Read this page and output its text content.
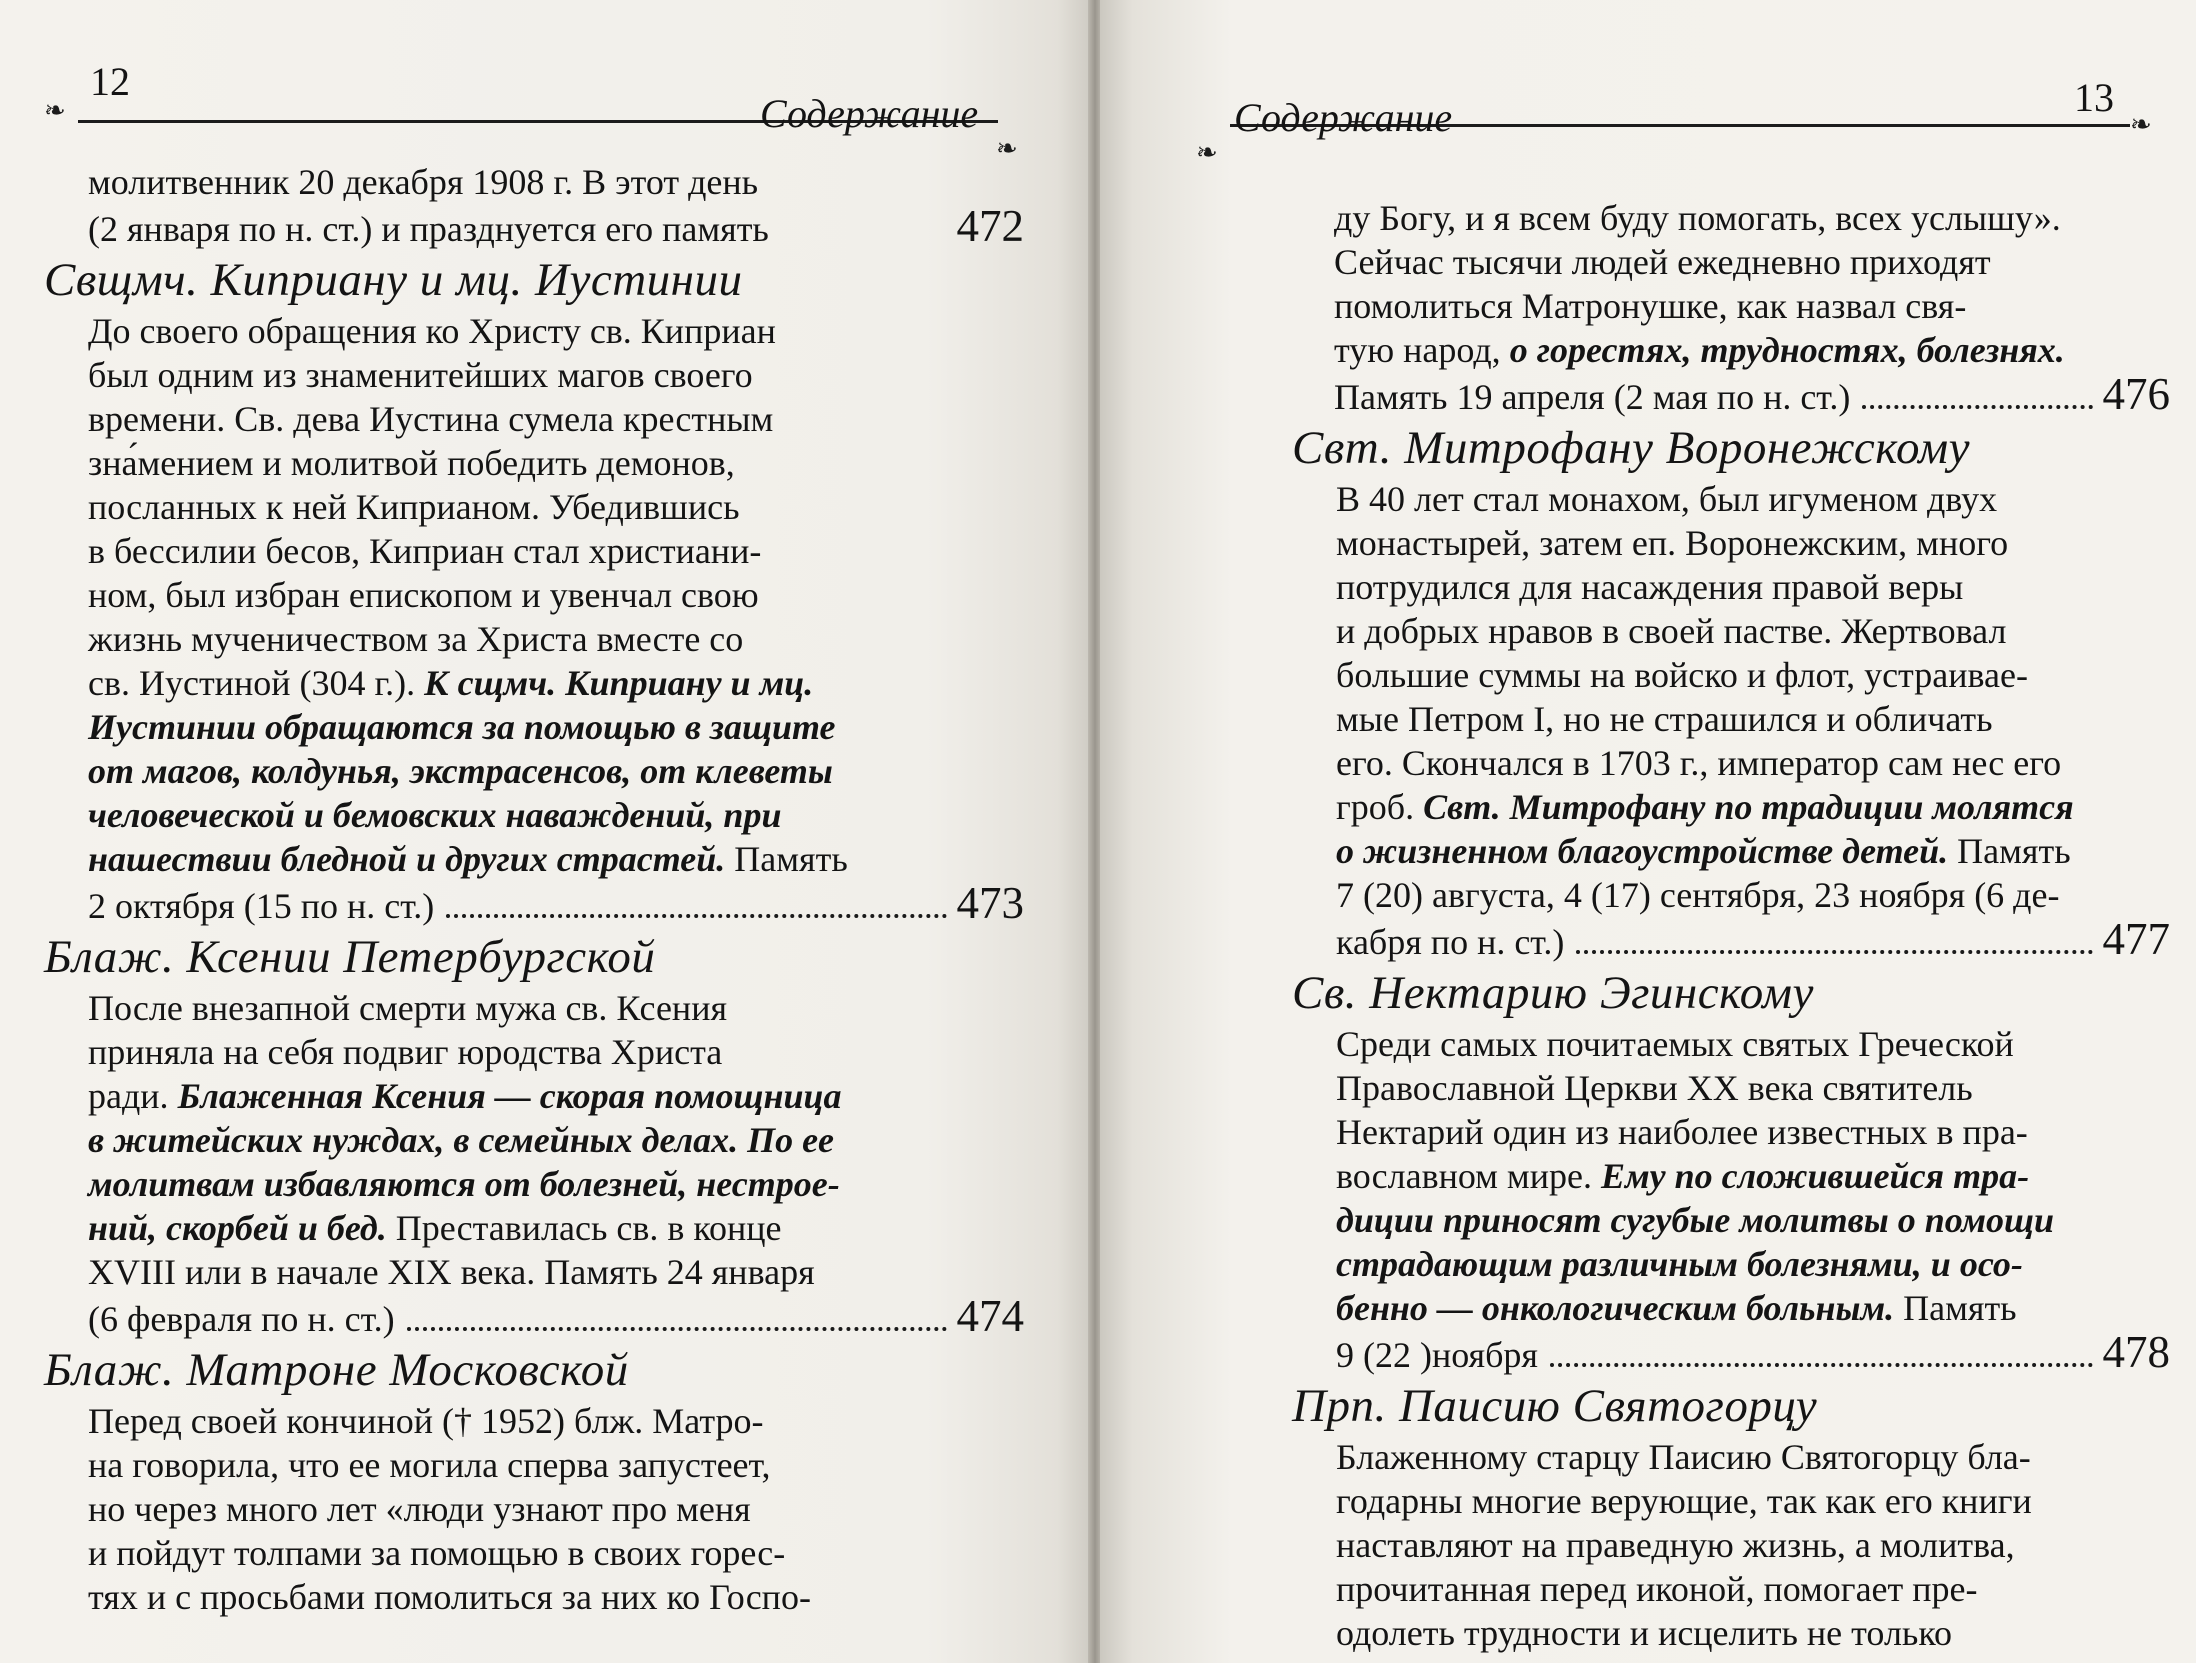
12
❧
❧
Содержание
молитвенник 20 декабря 1908 г. В этот день
(2 января по н. ст.) и празднуется его память	472

Свщмч. Киприану и мц. Иустинии

До своего обращения ко Христу св. Киприан
был одним из знаменитейших магов своего
времени. Св. дева Иустина сумела крестным
зна́мением и молитвой победить демонов,
посланных к ней Киприаном. Убедившись
в бессилии бесов, Киприан стал христиани-
ном, был избран епископом и увенчал свою
жизнь мученичеством за Христа вместе со
св. Иустиной (304 г.). К сщмч. Киприану и мц.
Иустинии обращаются за помощью в защите
от магов, колдунья, экстрасенсов, от клеветы
человеческой и бемовских наваждений, при
нашествии бледной и других страстей. Память
2 октября (15 по н. ст.)	473

Блаж. Ксении Петербургской

После внезапной смерти мужа св. Ксения
приняла на себя подвиг юродства Христа
ради. Блаженная Ксения — скорая помощница
в житейских нуждах, в семейных делах. По ее
молитвам избавляются от болезней, нестрое-
ний, скорбей и бед. Преставилась св. в конце
XVIII или в начале XIX века. Память 24 января
(6 февраля по н. ст.)	474

Блаж. Матроне Московской

Перед своей кончиной († 1952) блж. Матро-
на говорила, что ее могила сперва запустеет,
но через много лет «люди узнают про меня
и пойдут толпами за помощью в своих горес-
тях и с просьбами помолиться за них ко Госпо-
❧
❧
Содержание	13
ду Богу, и я всем буду помогать, всех услышу».
Сейчас тысячи людей ежедневно приходят
помолиться Матронушке, как назвал свя-
тую народ, о горестях, трудностях, болезнях.
Память 19 апреля (2 мая по н. ст.)	476

Свт. Митрофану Воронежскому

В 40 лет стал монахом, был игуменом двух
монастырей, затем еп. Воронежским, много
потрудился для насаждения правой веры
и добрых нравов в своей пастве. Жертвовал
большие суммы на войско и флот, устраивае-
мые Петром I, но не страшился и обличать
его. Скончался в 1703 г., император сам нес его
гроб. Свт. Митрофану по традиции молятся
о жизненном благоустройстве детей. Память
7 (20) августа, 4 (17) сентября, 23 ноября (6 де-
кабря по н. ст.)	477

Св. Нектарию Эгинскому

Среди самых почитаемых святых Греческой
Православной Церкви XX века святитель
Нектарий один из наиболее известных в пра-
вославном мире. Ему по сложившейся тра-
диции приносят сугубые молитвы о помощи
страдающим различным болезнями, и осо-
бенно — онкологическим больным. Память
9 (22 )ноября	478

Прп. Паисию Святогорцу

Блаженному старцу Паисию Святогорцу бла-
годарны многие верующие, так как его книги
наставляют на праведную жизнь, а молитва,
прочитанная перед иконой, помогает пре-
одолеть трудности и исцелить не только
